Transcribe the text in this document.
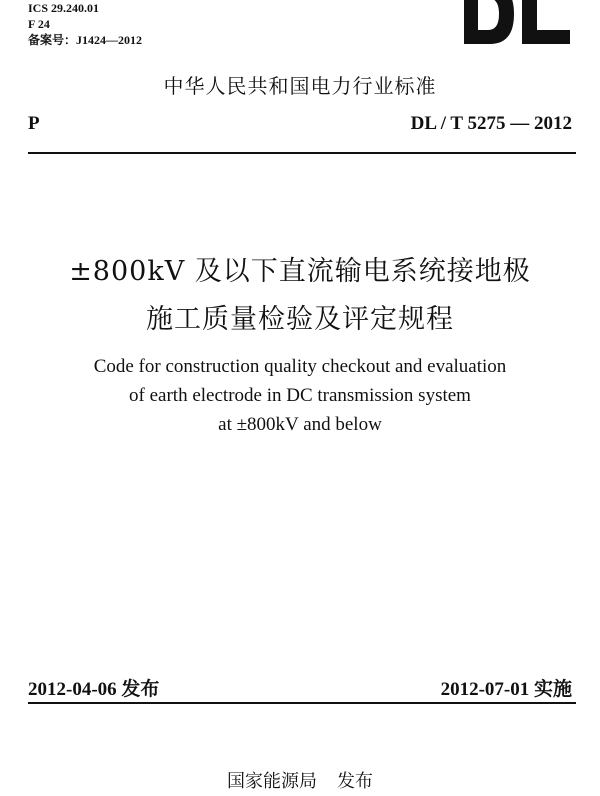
ICS 29.240.01
F 24
备案号：J1424—2012
中华人民共和国电力行业标准
P	DL / T 5275 — 2012
±800kV 及以下直流输电系统接地极
施工质量检验及评定规程
Code for construction quality checkout and evaluation
of earth electrode in DC transmission system
at ±800kV and below
2012-04-06 发布	2012-07-01 实施
国家能源局 发布
